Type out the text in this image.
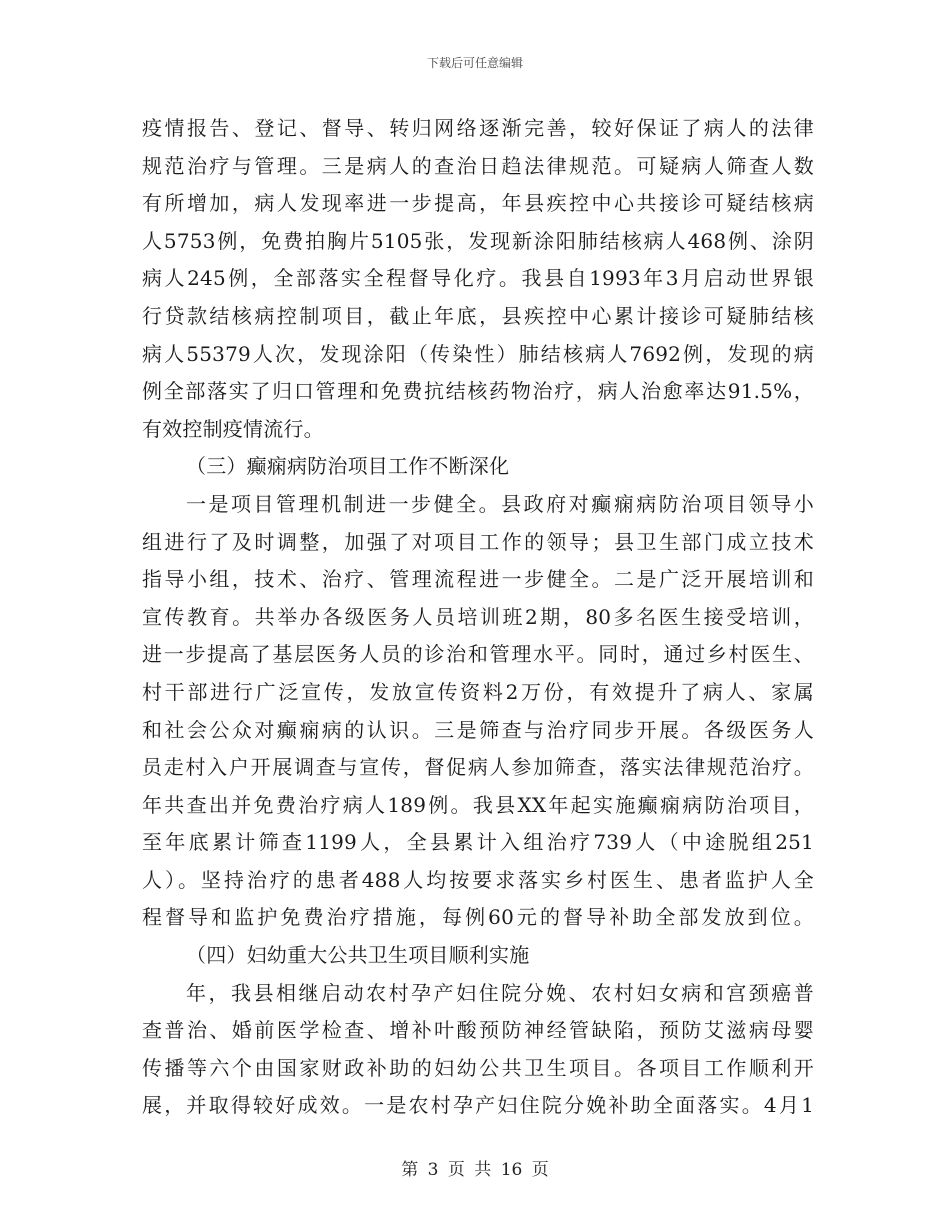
下载后可任意编辑
疫情报告、登记、督导、转归网络逐渐完善，较好保证了病人的法律
规范治疗与管理。三是病人的查治日趋法律规范。可疑病人筛查人数
有所增加，病人发现率进一步提高，年县疾控中心共接诊可疑结核病
人5753例，免费拍胸片5105张，发现新涂阳肺结核病人468例、涂阴
病人245例，全部落实全程督导化疗。我县自1993年3月启动世界银
行贷款结核病控制项目，截止年底，县疾控中心累计接诊可疑肺结核
病人55379人次，发现涂阳（传染性）肺结核病人7692例，发现的病
例全部落实了归口管理和免费抗结核药物治疗，病人治愈率达91.5%，
有效控制疫情流行。
（三）癫痫病防治项目工作不断深化
一是项目管理机制进一步健全。县政府对癫痫病防治项目领导小
组进行了及时调整，加强了对项目工作的领导；县卫生部门成立技术
指导小组，技术、治疗、管理流程进一步健全。二是广泛开展培训和
宣传教育。共举办各级医务人员培训班2期，80多名医生接受培训，
进一步提高了基层医务人员的诊治和管理水平。同时，通过乡村医生、
村干部进行广泛宣传，发放宣传资料2万份，有效提升了病人、家属
和社会公众对癫痫病的认识。三是筛查与治疗同步开展。各级医务人
员走村入户开展调查与宣传，督促病人参加筛查，落实法律规范治疗。
年共查出并免费治疗病人189例。我县XX年起实施癫痫病防治项目，
至年底累计筛查1199人，全县累计入组治疗739人（中途脱组251
人）。坚持治疗的患者488人均按要求落实乡村医生、患者监护人全
程督导和监护免费治疗措施，每例60元的督导补助全部发放到位。
（四）妇幼重大公共卫生项目顺利实施
年，我县相继启动农村孕产妇住院分娩、农村妇女病和宫颈癌普
查普治、婚前医学检查、增补叶酸预防神经管缺陷，预防艾滋病母婴
传播等六个由国家财政补助的妇幼公共卫生项目。各项目工作顺利开
展，并取得较好成效。一是农村孕产妇住院分娩补助全面落实。4月1
第 3 页 共 16 页
